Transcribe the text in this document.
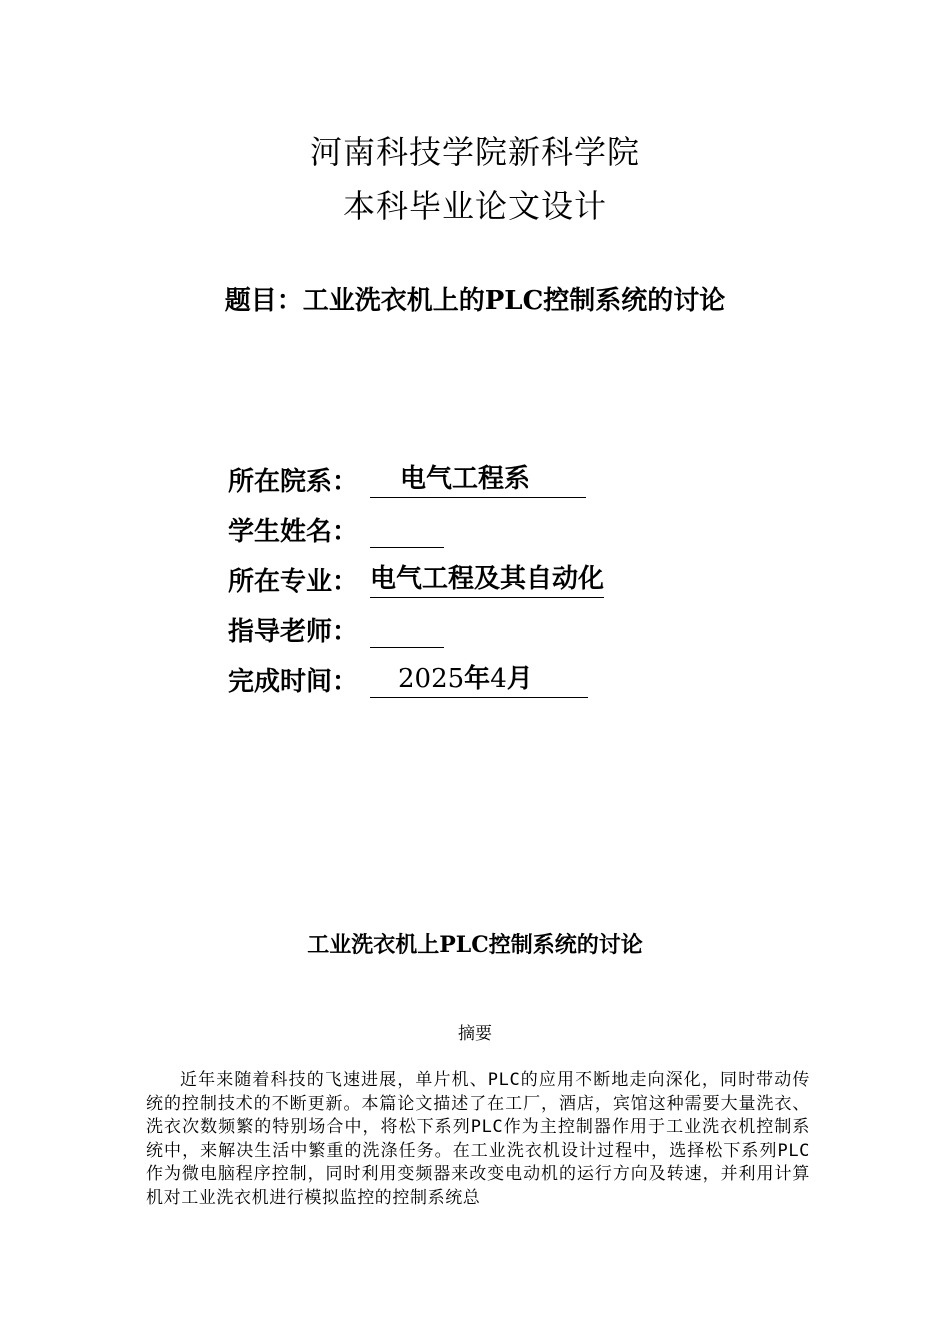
河南科技学院新科学院
本科毕业论文设计
题目：工业洗衣机上的PLC控制系统的讨论
所在院系：	电气工程系
学生姓名：
所在专业： 电气工程及其自动化
指导老师：
完成时间：	2025年4月
工业洗衣机上PLC控制系统的讨论
摘要
近年来随着科技的飞速进展，单片机、PLC的应用不断地走向深化，同时带动传统的控制技术的不断更新。本篇论文描述了在工厂，酒店，宾馆这种需要大量洗衣、洗衣次数频繁的特别场合中，将松下系列PLC作为主控制器作用于工业洗衣机控制系统中，来解决生活中繁重的洗涤任务。在工业洗衣机设计过程中，选择松下系列PLC作为微电脑程序控制，同时利用变频器来改变电动机的运行方向及转速，并利用计算机对工业洗衣机进行模拟监控的控制系统总
